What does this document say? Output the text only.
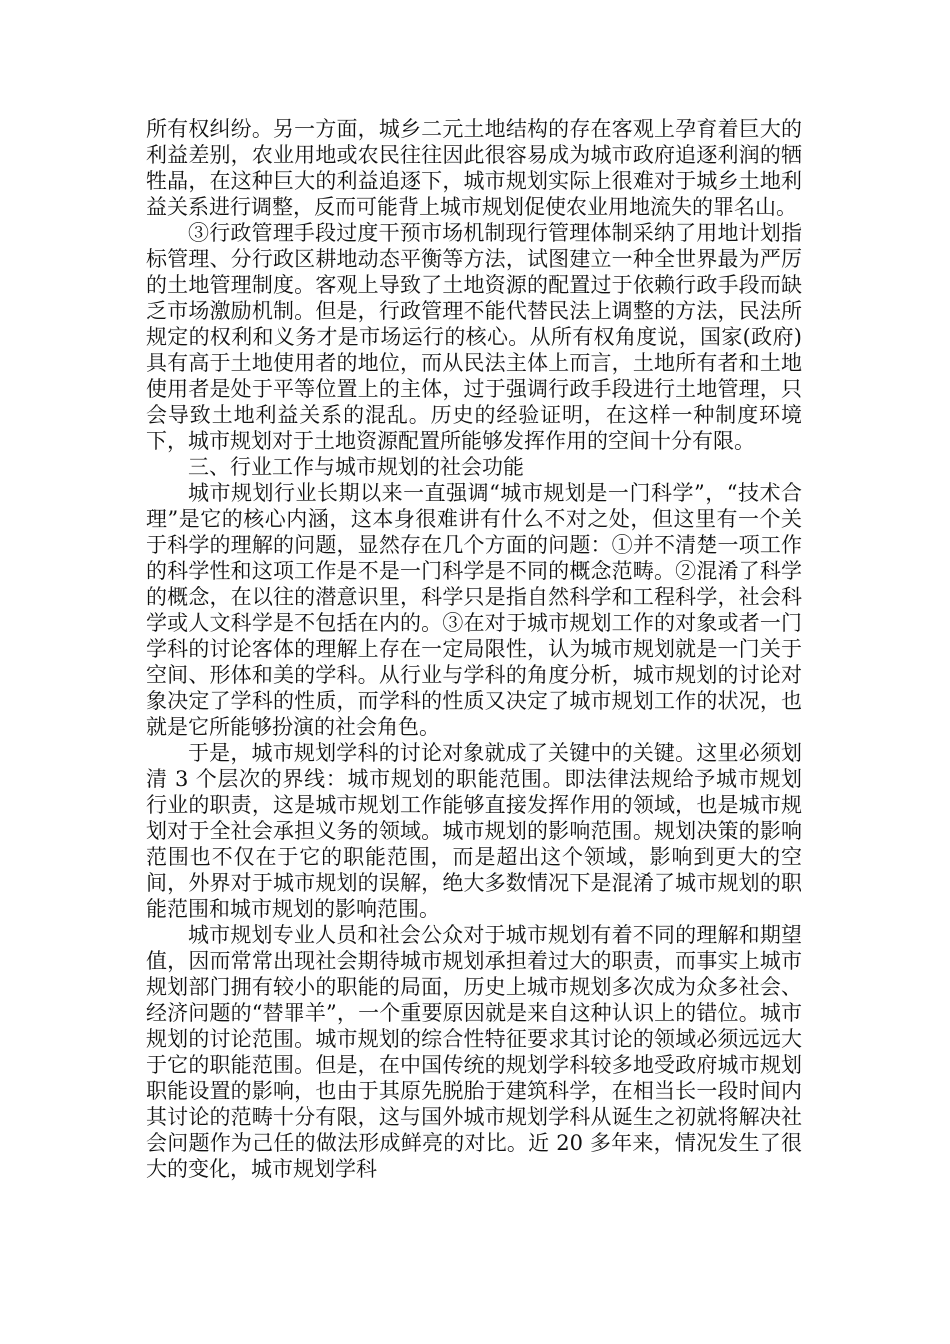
所有权纠纷。另一方面，城乡二元土地结构的存在客观上孕育着巨大的利益差别，农业用地或农民往往因此很容易成为城市政府追逐利润的牺牲晶，在这种巨大的利益追逐下，城市规划实际上很难对于城乡土地利益关系进行调整，反而可能背上城市规划促使农业用地流失的罪名山。

③行政管理手段过度干预市场机制现行管理体制采纳了用地计划指标管理、分行政区耕地动态平衡等方法，试图建立一种全世界最为严厉的土地管理制度。客观上导致了土地资源的配置过于依赖行政手段而缺乏市场激励机制。但是，行政管理不能代替民法上调整的方法，民法所规定的权利和义务才是市场运行的核心。从所有权角度说，国家(政府)具有高于土地使用者的地位，而从民法主体上而言，土地所有者和土地使用者是处于平等位置上的主体，过于强调行政手段进行土地管理，只会导致土地利益关系的混乱。历史的经验证明，在这样一种制度环境下，城市规划对于土地资源配置所能够发挥作用的空间十分有限。

三、行业工作与城市规划的社会功能

城市规划行业长期以来一直强调“城市规划是一门科学”，“技术合理”是它的核心内涵，这本身很难讲有什么不对之处，但这里有一个关于科学的理解的问题，显然存在几个方面的问题：①并不清楚一项工作的科学性和这项工作是不是一门科学是不同的概念范畴。②混淆了科学的概念，在以往的潜意识里，科学只是指自然科学和工程科学，社会科学或人文科学是不包括在内的。③在对于城市规划工作的对象或者一门学科的讨论客体的理解上存在一定局限性，认为城市规划就是一门关于空间、形体和美的学科。从行业与学科的角度分析，城市规划的讨论对象决定了学科的性质，而学科的性质又决定了城市规划工作的状况，也就是它所能够扮演的社会角色。

于是，城市规划学科的讨论对象就成了关键中的关键。这里必须划清 3 个层次的界线：城市规划的职能范围。即法律法规给予城市规划行业的职责，这是城市规划工作能够直接发挥作用的领域，也是城市规划对于全社会承担义务的领域。城市规划的影响范围。规划决策的影响范围也不仅在于它的职能范围，而是超出这个领域，影响到更大的空间，外界对于城市规划的误解，绝大多数情况下是混淆了城市规划的职能范围和城市规划的影响范围。

城市规划专业人员和社会公众对于城市规划有着不同的理解和期望值，因而常常出现社会期待城市规划承担着过大的职责，而事实上城市规划部门拥有较小的职能的局面，历史上城市规划多次成为众多社会、经济问题的“替罪羊”，一个重要原因就是来自这种认识上的错位。城市规划的讨论范围。城市规划的综合性特征要求其讨论的领域必须远远大于它的职能范围。但是，在中国传统的规划学科较多地受政府城市规划职能设置的影响，也由于其原先脱胎于建筑科学，在相当长一段时间内其讨论的范畴十分有限，这与国外城市规划学科从诞生之初就将解决社会问题作为己任的做法形成鲜亮的对比。近 20 多年来，情况发生了很大的变化，城市规划学科
